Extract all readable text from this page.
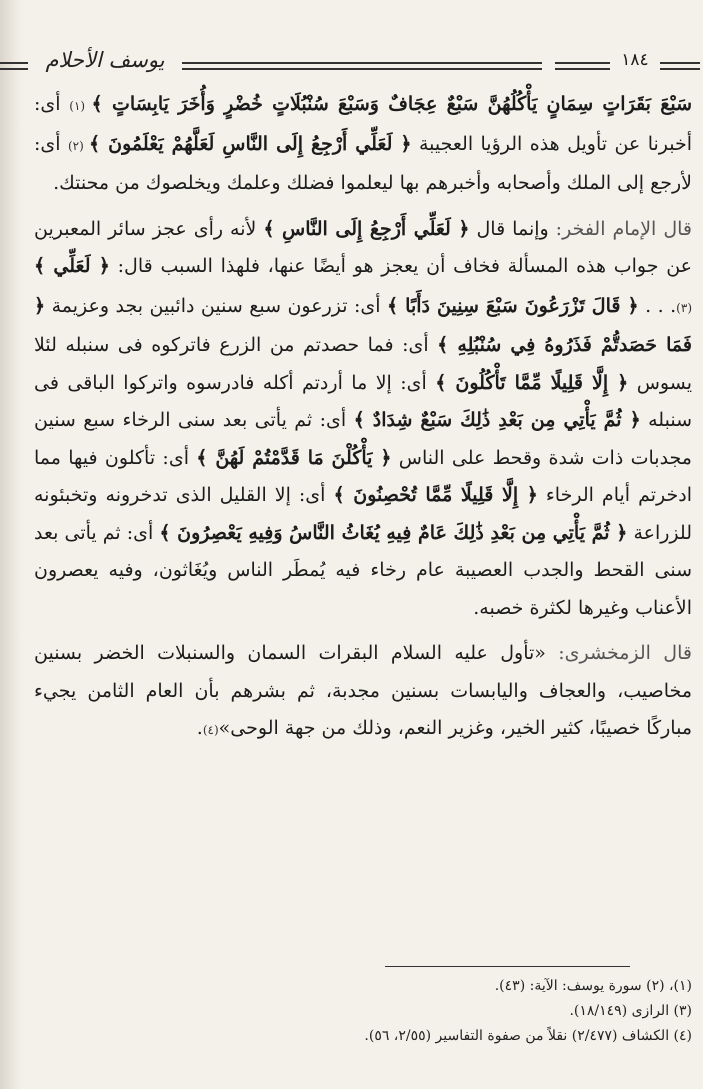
يوسف الأحلام	١٨٤

سَبْعَ بَقَرَاتٍ سِمَانٍ يَأْكُلُهُنَّ سَبْعٌ عِجَافٌ وَسَبْعَ سُنْبُلَاتٍ خُضْرٍ وَأُخَرَ يَابِسَاتٍ ﴾ (١) أى: أخبرنا عن تأويل هذه الرؤيا العجيبة ﴿ لَعَلِّي أَرْجِعُ إِلَى النَّاسِ لَعَلَّهُمْ يَعْلَمُونَ ﴾ (٢) أى: لأرجع إلى الملك وأصحابه وأخبرهم بها ليعلموا فضلك وعلمك ويخلصوك من محنتك.

قال الإمام الفخر: وإنما قال ﴿ لَعَلِّي أَرْجِعُ إِلَى النَّاسِ ﴾ لأنه رأى عجز سائر المعبرين عن جواب هذه المسألة فخاف أن يعجز هو أيضًا عنها، فلهذا السبب قال: ﴿ لَعَلِّي ﴾ (٣). . . ﴿ قَالَ تَزْرَعُونَ سَبْعَ سِنِينَ دَأَبًا ﴾ أى: تزرعون سبع سنين دائبين بجد وعزيمة ﴿ فَمَا حَصَدتُّمْ فَذَرُوهُ فِي سُنْبُلِهِ ﴾ أى: فما حصدتم من الزرع فاتركوه فى سنبله لئلا يسوس ﴿ إِلَّا قَلِيلًا مِّمَّا تَأْكُلُونَ ﴾ أى: إلا ما أردتم أكله فادرسوه واتركوا الباقى فى سنبله ﴿ ثُمَّ يَأْتِي مِن بَعْدِ ذَٰلِكَ سَبْعٌ شِدَادٌ ﴾ أى: ثم يأتى بعد سنى الرخاء سبع سنين مجدبات ذات شدة وقحط على الناس ﴿ يَأْكُلْنَ مَا قَدَّمْتُمْ لَهُنَّ ﴾ أى: تأكلون فيها مما ادخرتم أيام الرخاء ﴿ إِلَّا قَلِيلًا مِّمَّا تُحْصِنُونَ ﴾ أى: إلا القليل الذى تدخرونه وتخبئونه للزراعة ﴿ ثُمَّ يَأْتِي مِن بَعْدِ ذَٰلِكَ عَامٌ فِيهِ يُغَاثُ النَّاسُ وَفِيهِ يَعْصِرُونَ ﴾ أى: ثم يأتى بعد سنى القحط والجدب العصيبة عام رخاء فيه يُمطَر الناس ويُغَاثون، وفيه يعصرون الأعناب وغيرها لكثرة خصبه.

قال الزمخشرى: «تأول عليه السلام البقرات السمان والسنبلات الخضر بسنين مخاصيب، والعجاف واليابسات بسنين مجدبة، ثم بشرهم بأن العام الثامن يجيء مباركًا خصيبًا، كثير الخير، وغزير النعم، وذلك من جهة الوحى»(٤).

(١)، (٢) سورة يوسف: الآية: (٤٣).
(٣) الرازى (١٨/١٤٩).
(٤) الكشاف (٢/٤٧٧) نقلاً من صفوة التفاسير (٢/٥٥، ٥٦).
